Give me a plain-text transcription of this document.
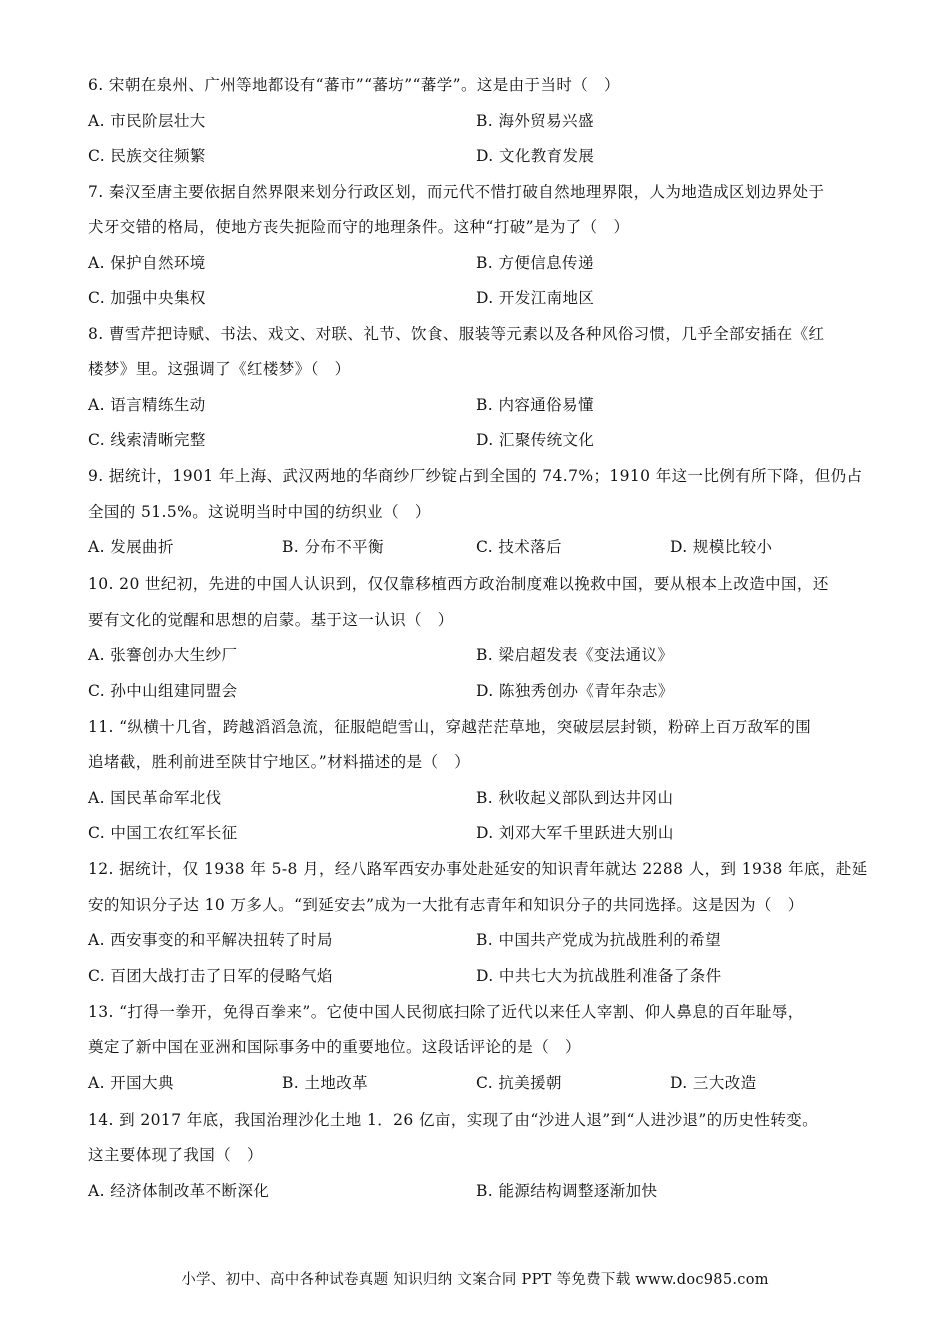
6. 宋朝在泉州、广州等地都设有“蕃市”“蕃坊”“蕃学”。这是由于当时（　）
A. 市民阶层壮大	B. 海外贸易兴盛
C. 民族交往频繁	D. 文化教育发展
7. 秦汉至唐主要依据自然界限来划分行政区划，而元代不惜打破自然地理界限，人为地造成区划边界处于
犬牙交错的格局，使地方丧失扼险而守的地理条件。这种“打破”是为了（　）
A. 保护自然环境	B. 方便信息传递
C. 加强中央集权	D. 开发江南地区
8. 曹雪芹把诗赋、书法、戏文、对联、礼节、饮食、服装等元素以及各种风俗习惯，几乎全部安插在《红
楼梦》里。这强调了《红楼梦》（　）
A. 语言精练生动	B. 内容通俗易懂
C. 线索清晰完整	D. 汇聚传统文化
9. 据统计，1901 年上海、武汉两地的华商纱厂纱锭占到全国的 74.7%；1910 年这一比例有所下降，但仍占
全国的 51.5%。这说明当时中国的纺织业（　）
A. 发展曲折	B. 分布不平衡	C. 技术落后	D. 规模比较小
10. 20 世纪初，先进的中国人认识到，仅仅靠移植西方政治制度难以挽救中国，要从根本上改造中国，还
要有文化的觉醒和思想的启蒙。基于这一认识（　）
A. 张謇创办大生纱厂	B. 梁启超发表《变法通议》
C. 孙中山组建同盟会	D. 陈独秀创办《青年杂志》
11. “纵横十几省，跨越滔滔急流，征服皑皑雪山，穿越茫茫草地，突破层层封锁，粉碎上百万敌军的围
追堵截，胜利前进至陕甘宁地区。”材料描述的是（　）
A. 国民革命军北伐	B. 秋收起义部队到达井冈山
C. 中国工农红军长征	D. 刘邓大军千里跃进大别山
12. 据统计，仅 1938 年 5-8 月，经八路军西安办事处赴延安的知识青年就达 2288 人，到 1938 年底，赴延
安的知识分子达 10 万多人。“到延安去”成为一大批有志青年和知识分子的共同选择。这是因为（　）
A. 西安事变的和平解决扭转了时局	B. 中国共产党成为抗战胜利的希望
C. 百团大战打击了日军的侵略气焰	D. 中共七大为抗战胜利准备了条件
13. “打得一拳开，免得百拳来”。它使中国人民彻底扫除了近代以来任人宰割、仰人鼻息的百年耻辱，
奠定了新中国在亚洲和国际事务中的重要地位。这段话评论的是（　）
A. 开国大典	B. 土地改革	C. 抗美援朝	D. 三大改造
14. 到 2017 年底，我国治理沙化土地 1．26 亿亩，实现了由“沙进人退”到“人进沙退”的历史性转变。
这主要体现了我国（　）
A. 经济体制改革不断深化	B. 能源结构调整逐渐加快
小学、初中、高中各种试卷真题 知识归纳 文案合同 PPT 等免费下载 www.doc985.com
